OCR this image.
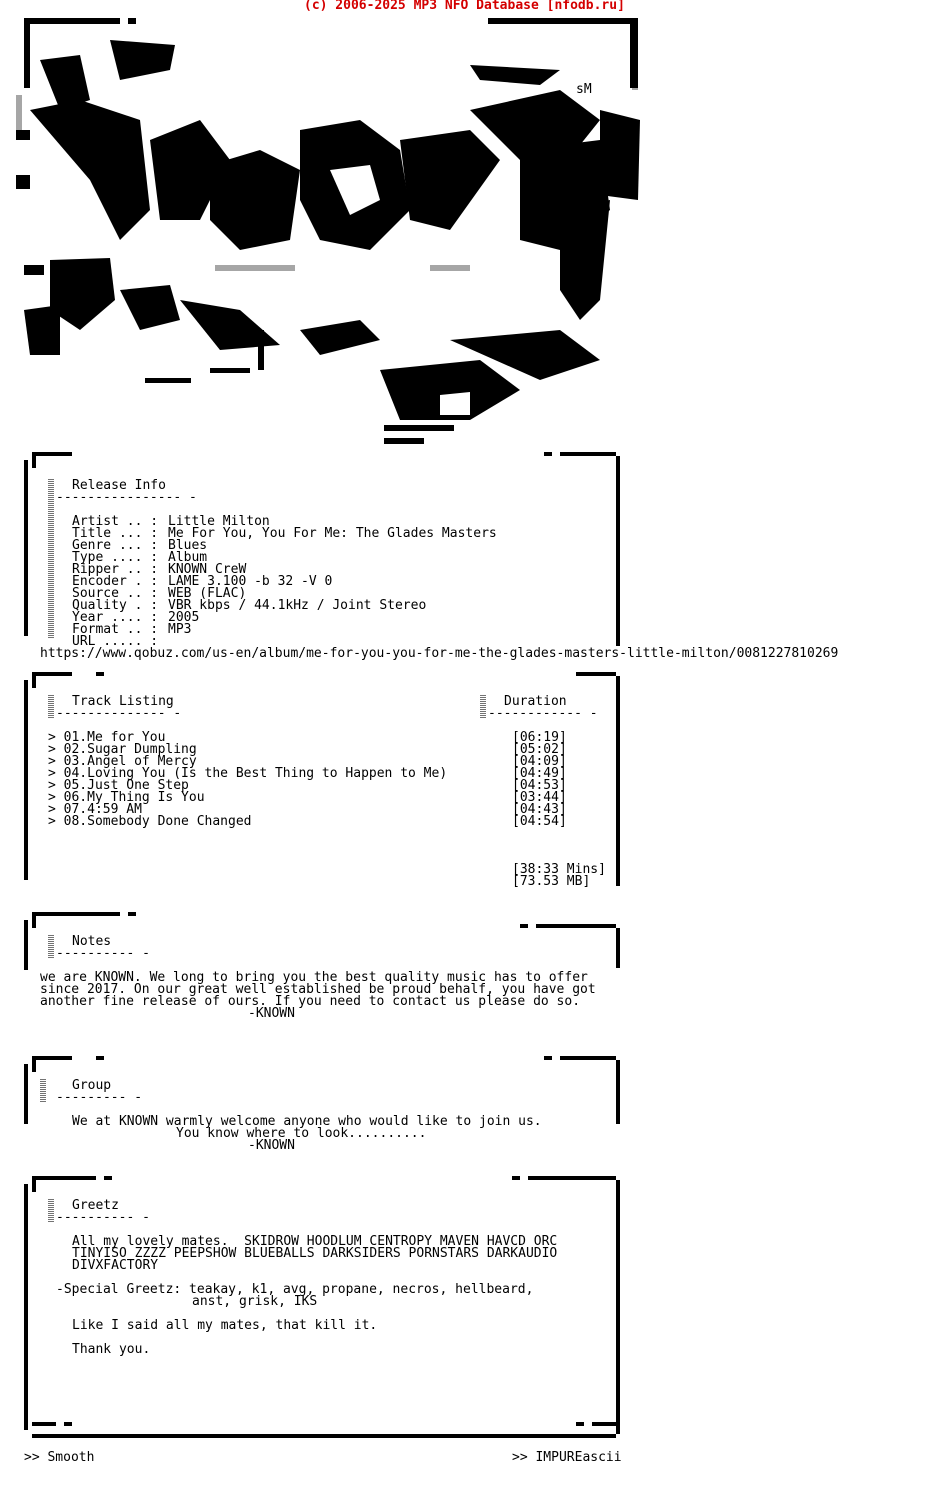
(c) 2006-2025 MP3 NFO Database [nfodb.ru]
sM
Release Info
---------------- -
Artist .. : Little Milton
Title ... : Me For You, You For Me: The Glades Masters
Genre ... : Blues
Type .... : Album
Ripper .. : KNOWN CreW
Encoder . : LAME 3.100 -b 32 -V 0
Source .. : WEB (FLAC)
Quality . : VBR kbps / 44.1kHz / Joint Stereo
Year .... : 2005
Format .. : MP3
URL ..... :
https://www.qobuz.com/us-en/album/me-for-you-you-for-me-the-glades-masters-little-milton/0081227810269
Track Listing
-------------- -
Duration
------------ -
> 01.Me for You	[06:19]
> 02.Sugar Dumpling	[05:02]
> 03.Angel of Mercy	[04:09]
> 04.Loving You (Is the Best Thing to Happen to Me)	[04:49]
> 05.Just One Step	[04:53]
> 06.My Thing Is You	[03:44]
> 07.4:59 AM	[04:43]
> 08.Somebody Done Changed	[04:54]
[38:33 Mins]
[73.53 MB]
Notes
---------- -
we are KNOWN. We long to bring you the best quality music has to offer
since 2017. On our great well established be proud behalf, you have got
another fine release of ours. If you need to contact us please do so.
-KNOWN
Group
--------- -
We at KNOWN warmly welcome anyone who would like to join us.
You know where to look..........
-KNOWN
Greetz
---------- -
All my lovely mates.  SKIDROW HOODLUM CENTROPY MAVEN HAVCD ORC
TINYISO ZZZZ PEEPSHOW BLUEBALLS DARKSIDERS PORNSTARS DARKAUDIO
DIVXFACTORY
-Special Greetz: teakay, k1, avg, propane, necros, hellbeard,
anst, grisk, IKS
Like I said all my mates, that kill it.
Thank you.
>> Smooth	>> IMPUREascii
